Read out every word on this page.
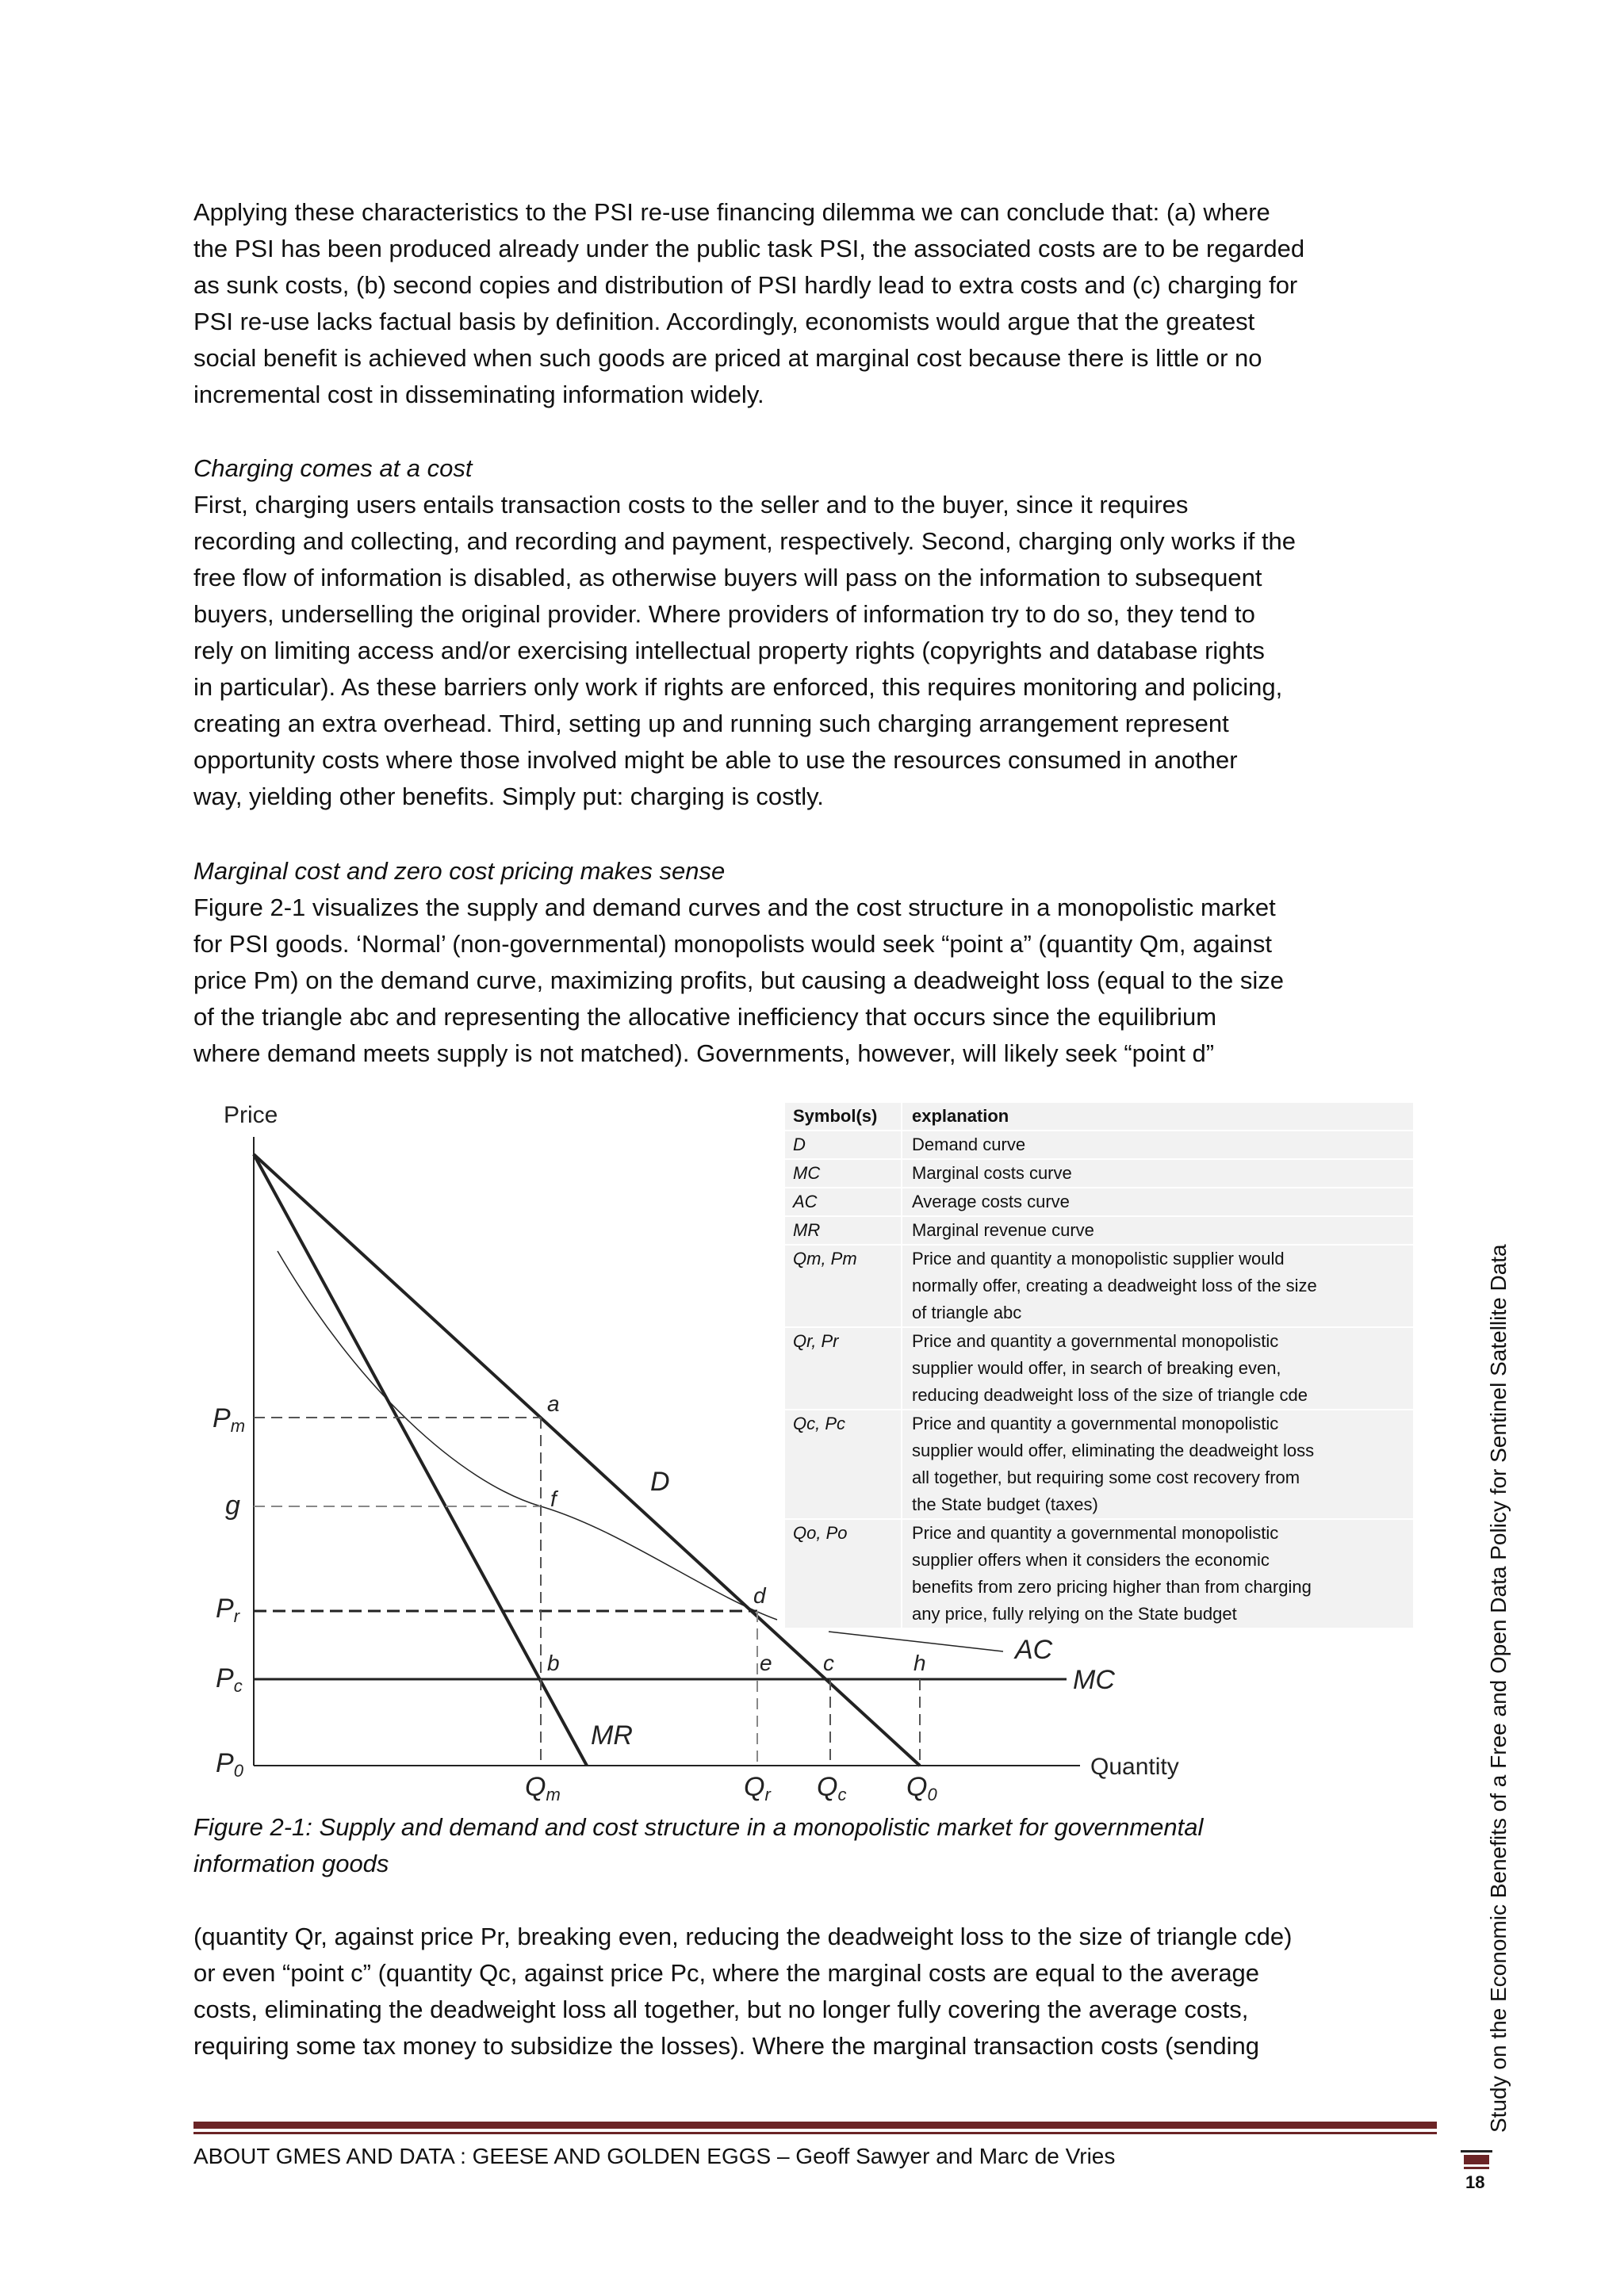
Applying these characteristics to the PSI re-use financing dilemma we can conclude that: (a) where
the PSI has been produced already under the public task PSI, the associated costs are to be regarded
as sunk costs, (b) second copies and distribution of PSI hardly lead to extra costs and (c) charging for
PSI re-use lacks factual basis by definition. Accordingly, economists would argue that the greatest
social benefit is achieved when such goods are priced at marginal cost because there is little or no
incremental cost in disseminating information widely.
Charging comes at a cost
First, charging users entails transaction costs to the seller and to the buyer, since it requires
recording and collecting, and recording and payment, respectively. Second, charging only works if the
free flow of information is disabled, as otherwise buyers will pass on the information to subsequent
buyers, underselling the original provider. Where providers of information try to do so, they tend to
rely on limiting access and/or exercising intellectual property rights (copyrights and database rights
in particular). As these barriers only work if rights are enforced, this requires monitoring and policing,
creating an extra overhead. Third, setting up and running such charging arrangement represent
opportunity costs where those involved might be able to use the resources consumed in another
way, yielding other benefits. Simply put: charging is costly.
Marginal cost and zero cost pricing makes sense
Figure 2-1 visualizes the supply and demand curves and the cost structure in a monopolistic market
for PSI goods. ‘Normal’ (non-governmental) monopolists would seek “point a” (quantity Qm, against
price Pm) on the demand curve, maximizing profits, but causing a deadweight loss (equal to the size
of the triangle abc and representing the allocative inefficiency that occurs since the equilibrium
where demand meets supply is not matched). Governments, however, will likely seek “point d”
Price
Quantity
Pm
g
Pr
Pc
P0
Qm	Qr Qc Q0
D
MR
AC
MC
a
f
d
b	e c	h
Symbol(s)	explanation
D	Demand curve
MC	Marginal costs curve
AC	Average costs curve
MR	Marginal revenue curve
Qm, Pm	Price and quantity a monopolistic supplier would
normally offer, creating a deadweight loss of the size
of triangle abc
Qr, Pr	Price and quantity a governmental monopolistic
supplier would offer, in search of breaking even,
reducing deadweight loss of the size of triangle cde
Qc, Pc	Price and quantity a governmental monopolistic
supplier would offer, eliminating the deadweight loss
all together, but requiring some cost recovery from
the State budget (taxes)
Qo, Po	Price and quantity a governmental monopolistic
supplier offers when it considers the economic
benefits from zero pricing higher than from charging
any price, fully relying on the State budget
Figure 2-1: Supply and demand and cost structure in a monopolistic market for governmental
information goods
(quantity Qr, against price Pr, breaking even, reducing the deadweight loss to the size of triangle cde)
or even “point c” (quantity Qc, against price Pc, where the marginal costs are equal to the average
costs, eliminating the deadweight loss all together, but no longer fully covering the average costs,
requiring some tax money to subsidize the losses). Where the marginal transaction costs (sending
ABOUT GMES AND DATA : GEESE AND GOLDEN EGGS – Geoff Sawyer and Marc de Vries
Study on the Economic Benefits of a Free and Open Data Policy for Sentinel Satellite Data
18
